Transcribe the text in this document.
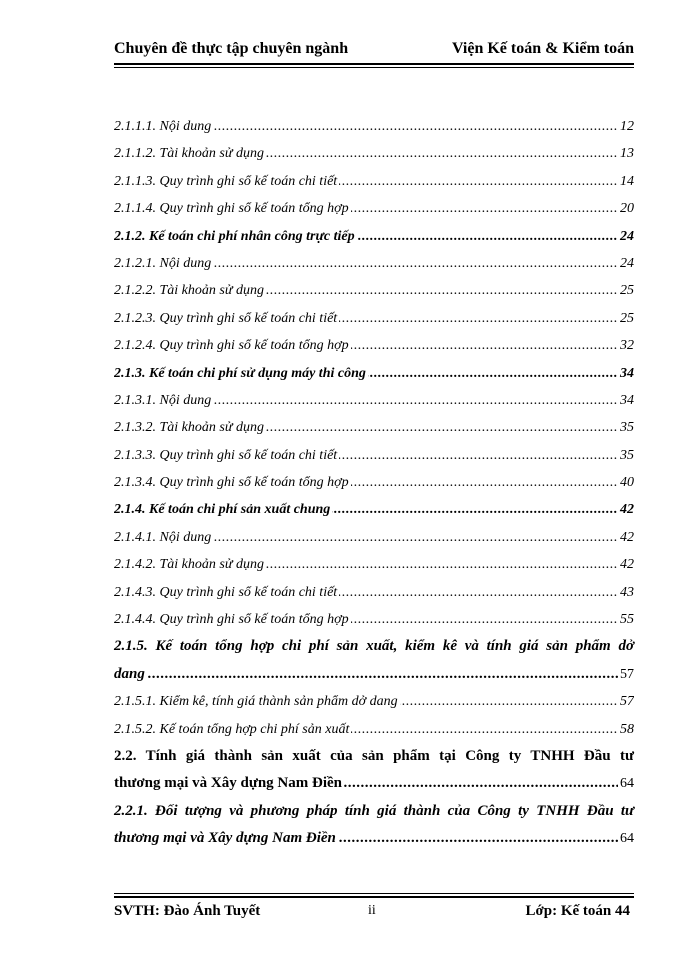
Chuyên đề thực tập chuyên ngành	Viện Kế toán & Kiểm toán
..... 2.1.1.1. Nội dung	12
..... 2.1.1.2. Tài khoản sử dụng	13
..... 2.1.1.3. Quy trình ghi sổ kế toán chi tiết	14
..... 2.1.1.4. Quy trình ghi sổ kế toán tổng hợp	20
..... 2.1.2. Kế toán chi phí nhân công trực tiếp	24
..... 2.1.2.1. Nội dung	24
..... 2.1.2.2. Tài khoản sử dụng	25
..... 2.1.2.3. Quy trình ghi sổ kế toán chi tiết	25
..... 2.1.2.4. Quy trình ghi sổ kế toán tổng hợp	32
..... 2.1.3. Kế toán chi phí sử dụng máy thi công	34
..... 2.1.3.1. Nội dung	34
..... 2.1.3.2. Tài khoản sử dụng	35
..... 2.1.3.3. Quy trình ghi sổ kế toán chi tiết	35
..... 2.1.3.4. Quy trình ghi sổ kế toán tổng hợp	40
..... 2.1.4. Kế toán chi phí sản xuất chung	42
..... 2.1.4.1. Nội dung	42
..... 2.1.4.2. Tài khoản sử dụng	42
..... 2.1.4.3. Quy trình ghi sổ kế toán chi tiết	43
..... 2.1.4.4. Quy trình ghi sổ kế toán tổng hợp	55
2.1.5. Kế toán tổng hợp chi phí sản xuất, kiểm kê và tính giá sản phẩm dở
..... dang	57
..... 2.1.5.1. Kiểm kê, tính giá thành sản phẩm dở dang	57
..... 2.1.5.2. Kế toán tổng hợp chi phí sản xuất	58
2.2. Tính giá thành sản xuất của sản phẩm tại Công ty TNHH Đầu tư
..... thương mại và Xây dựng Nam Điền	64
2.2.1. Đối tượng và phương pháp tính giá thành của Công ty TNHH Đầu tư
..... thương mại và Xây dựng Nam Điền	64
SVTH: Đào Ánh Tuyết	ii	Lớp: Kế toán 44
